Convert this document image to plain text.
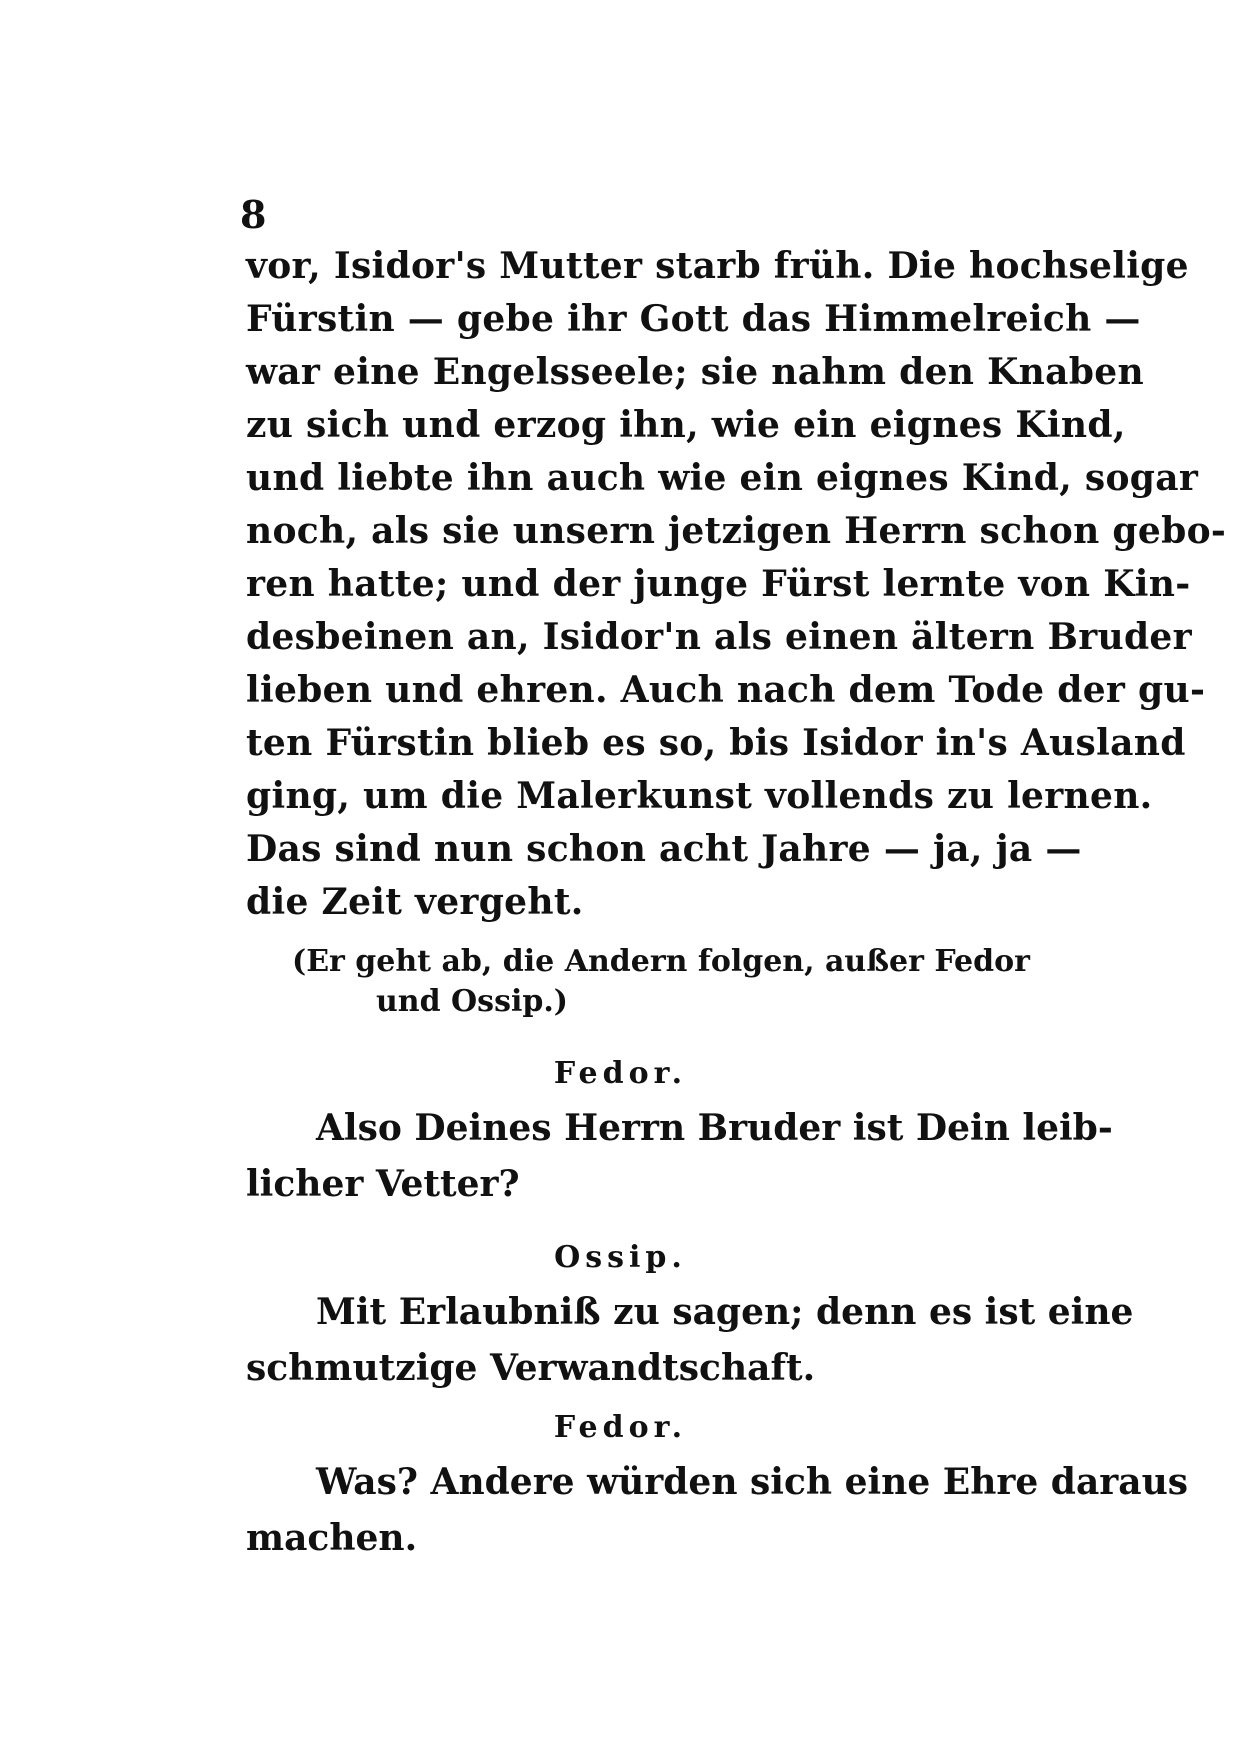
8
vor, Isidor's Mutter starb früh. Die hochselige
Fürstin — gebe ihr Gott das Himmelreich —
war eine Engelsseele; sie nahm den Knaben
zu sich und erzog ihn, wie ein eignes Kind,
und liebte ihn auch wie ein eignes Kind, sogar
noch, als sie unsern jetzigen Herrn schon gebo-
ren hatte; und der junge Fürst lernte von Kin-
desbeinen an, Isidor'n als einen ältern Bruder
lieben und ehren. Auch nach dem Tode der gu-
ten Fürstin blieb es so, bis Isidor in's Ausland
ging, um die Malerkunst vollends zu lernen.
Das sind nun schon acht Jahre — ja, ja —
die Zeit vergeht.
(Er geht ab, die Andern folgen, außer Fedor
und Ossip.)
Fedor.
Also Deines Herrn Bruder ist Dein leib-
licher Vetter?
Ossip.
Mit Erlaubniß zu sagen; denn es ist eine
schmutzige Verwandtschaft.
Fedor.
Was? Andere würden sich eine Ehre daraus
machen.
